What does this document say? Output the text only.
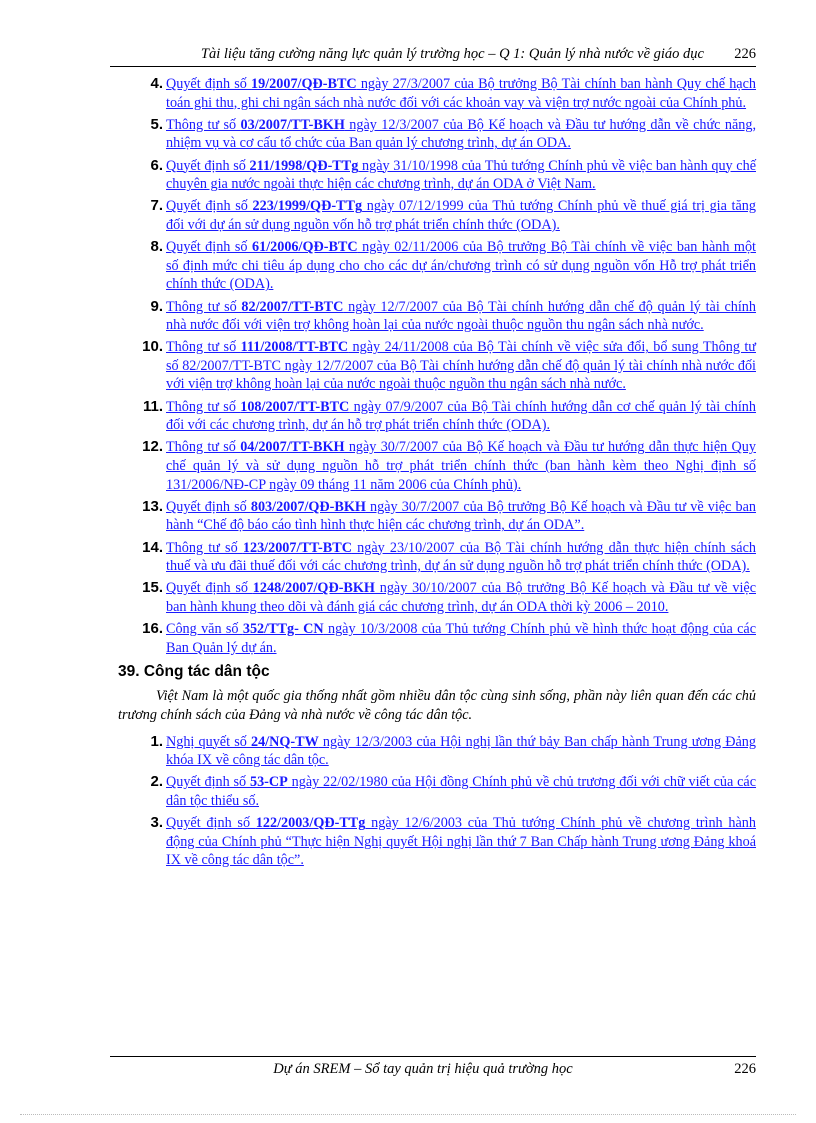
Tài liệu tăng cường năng lực quản lý trường học – Q 1: Quản lý nhà nước về giáo dục	226
4. Quyết định số 19/2007/QĐ-BTC ngày 27/3/2007 của Bộ trưởng Bộ Tài chính ban hành Quy chế hạch toán ghi thu, ghi chi ngân sách nhà nước đối với các khoản vay và viện trợ nước ngoài của Chính phủ.
5. Thông tư số 03/2007/TT-BKH ngày 12/3/2007 của Bộ Kế hoạch và Đầu tư hướng dẫn về chức năng, nhiệm vụ và cơ cấu tổ chức của Ban quản lý chương trình, dự án ODA.
6. Quyết định số 211/1998/QĐ-TTg ngày 31/10/1998 của Thủ tướng Chính phủ về việc ban hành quy chế chuyên gia nước ngoài thực hiện các chương trình, dự án ODA ở Việt Nam.
7. Quyết định số 223/1999/QĐ-TTg ngày 07/12/1999 của Thủ tướng Chính phủ về thuế giá trị gia tăng đối với dự án sử dụng nguồn vốn hỗ trợ phát triển chính thức (ODA).
8. Quyết định số 61/2006/QĐ-BTC ngày 02/11/2006 của Bộ trưởng Bộ Tài chính về việc ban hành một số định mức chi tiêu áp dụng cho cho các dự án/chương trình có sử dụng nguồn vốn Hỗ trợ phát triển chính thức (ODA).
9. Thông tư số 82/2007/TT-BTC ngày 12/7/2007 của Bộ Tài chính hướng dẫn chế độ quản lý tài chính nhà nước đối với viện trợ không hoàn lại của nước ngoài thuộc nguồn thu ngân sách nhà nước.
10. Thông tư số 111/2008/TT-BTC ngày 24/11/2008 của Bộ Tài chính về việc sửa đổi, bổ sung Thông tư số 82/2007/TT-BTC ngày 12/7/2007 của Bộ Tài chính hướng dẫn chế độ quản lý tài chính nhà nước đối với viện trợ không hoàn lại của nước ngoài thuộc nguồn thu ngân sách nhà nước.
11. Thông tư số 108/2007/TT-BTC ngày 07/9/2007 của Bộ Tài chính hướng dẫn cơ chế quản lý tài chính đối với các chương trình, dự án hỗ trợ phát triển chính thức (ODA).
12. Thông tư số 04/2007/TT-BKH ngày 30/7/2007 của Bộ Kế hoạch và Đầu tư hướng dẫn thực hiện Quy chế quản lý và sử dụng nguồn hỗ trợ phát triển chính thức (ban hành kèm theo Nghị định số 131/2006/NĐ-CP ngày 09 tháng 11 năm 2006 của Chính phủ).
13. Quyết định số 803/2007/QĐ-BKH ngày 30/7/2007 của Bộ trưởng Bộ Kế hoạch và Đầu tư về việc ban hành “Chế độ báo cáo tình hình thực hiện các chương trình, dự án ODA”.
14. Thông tư số 123/2007/TT-BTC ngày 23/10/2007 của Bộ Tài chính hướng dẫn thực hiện chính sách thuế và ưu đãi thuế đối với các chương trình, dự án sử dụng nguồn hỗ trợ phát triển chính thức (ODA).
15. Quyết định số 1248/2007/QĐ-BKH ngày 30/10/2007 của Bộ trưởng Bộ Kế hoạch và Đầu tư về việc ban hành khung theo dõi và đánh giá các chương trình, dự án ODA thời kỳ 2006 – 2010.
16. Công văn số 352/TTg- CN ngày 10/3/2008 của Thủ tướng Chính phủ về hình thức hoạt động của các Ban Quản lý dự án.
39. Công tác dân tộc

Việt Nam là một quốc gia thống nhất gồm nhiều dân tộc cùng sinh sống, phần này liên quan đến các chủ trương chính sách của Đảng và nhà nước về công tác dân tộc.

1. Nghị quyết số 24/NQ-TW ngày 12/3/2003 của Hội nghị lần thứ bảy Ban chấp hành Trung ương Đảng khóa IX về công tác dân tộc.
2. Quyết định số 53-CP ngày 22/02/1980 của Hội đồng Chính phủ về chủ trương đối với chữ viết của các dân tộc thiểu số.
3. Quyết định số 122/2003/QĐ-TTg ngày 12/6/2003 của Thủ tướng Chính phủ về chương trình hành động của Chính phủ “Thực hiện Nghị quyết Hội nghị lần thứ 7 Ban Chấp hành Trung ương Đảng khoá IX về công tác dân tộc”.
Dự án SREM – Sổ tay quản trị hiệu quả trường học	226
